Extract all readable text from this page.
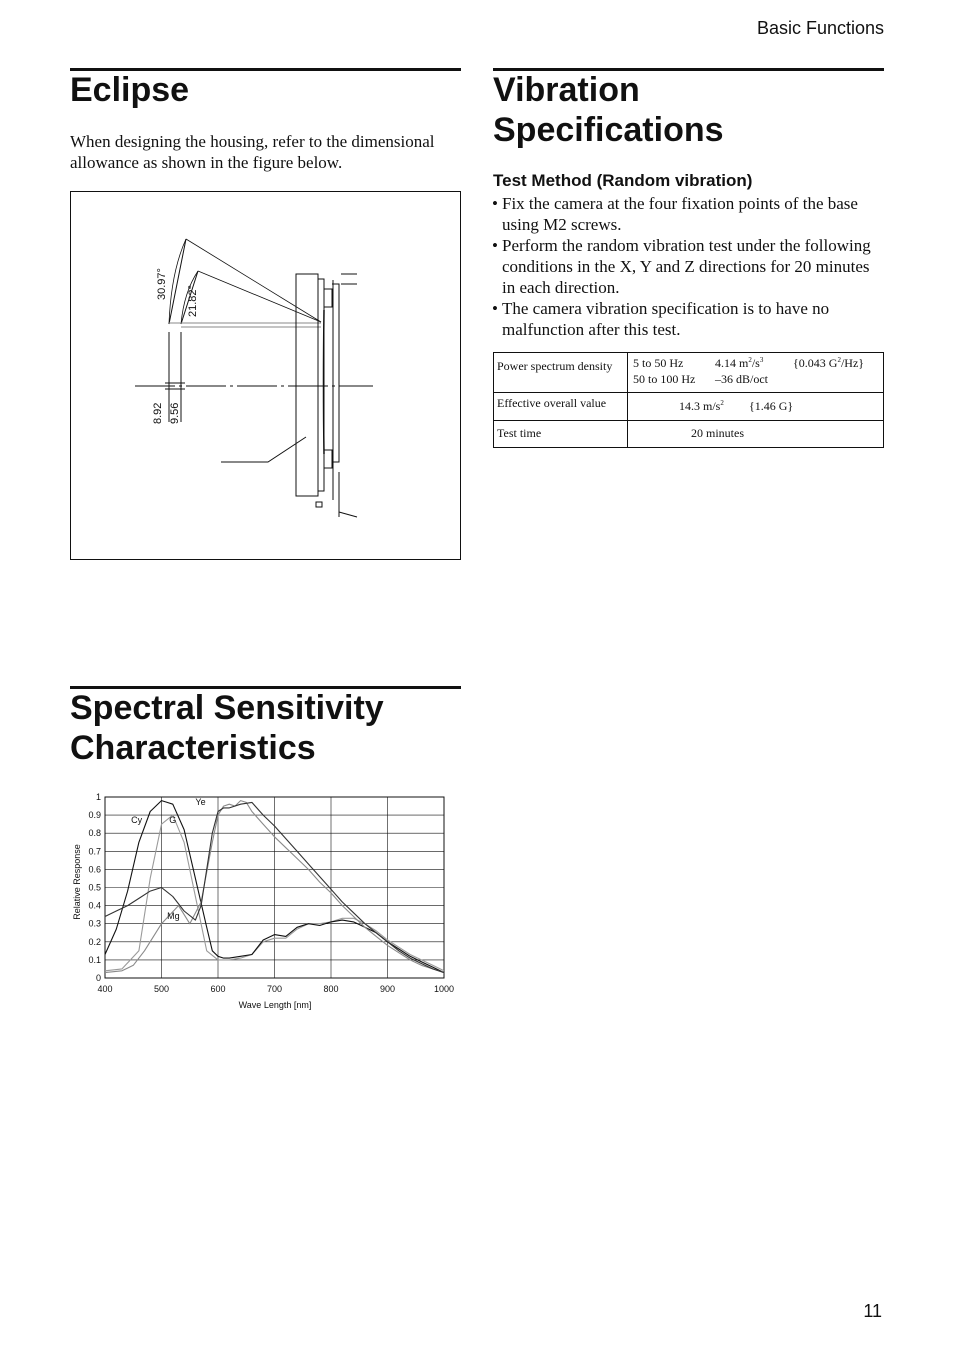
Basic Functions
Eclipse
When designing the housing, refer to the dimensional allowance as shown in the figure below.
30.97°
21.82°
8.92 9.56
Vibration
Specifications
Test Method (Random vibration)
• Fix the camera at the four fixation points of the base using M2 screws.
• Perform the random vibration test under the following conditions in the X, Y and Z directions for 20 minutes in each direction.
• The camera vibration specification is to have no malfunction after this test.
Power spectrum density	5 to 50 Hz 4.14 $m^2/s^3$ {0.043 $G^2/Hz$}
50 to 100 Hz –36 dB/oct

Effective overall value	14.3 $m/s^2$ {1.46 G}

Test time	20 minutes
Spectral Sensitivity
Characteristics
400	500	600	700	800	900	1000
0
0.1
0.2
0.3
0.4
0.5
0.6
0.7
0.8
0.9
1
Cy	G
Ye
Mg
Wave Length [nm]
Relative Response
11
